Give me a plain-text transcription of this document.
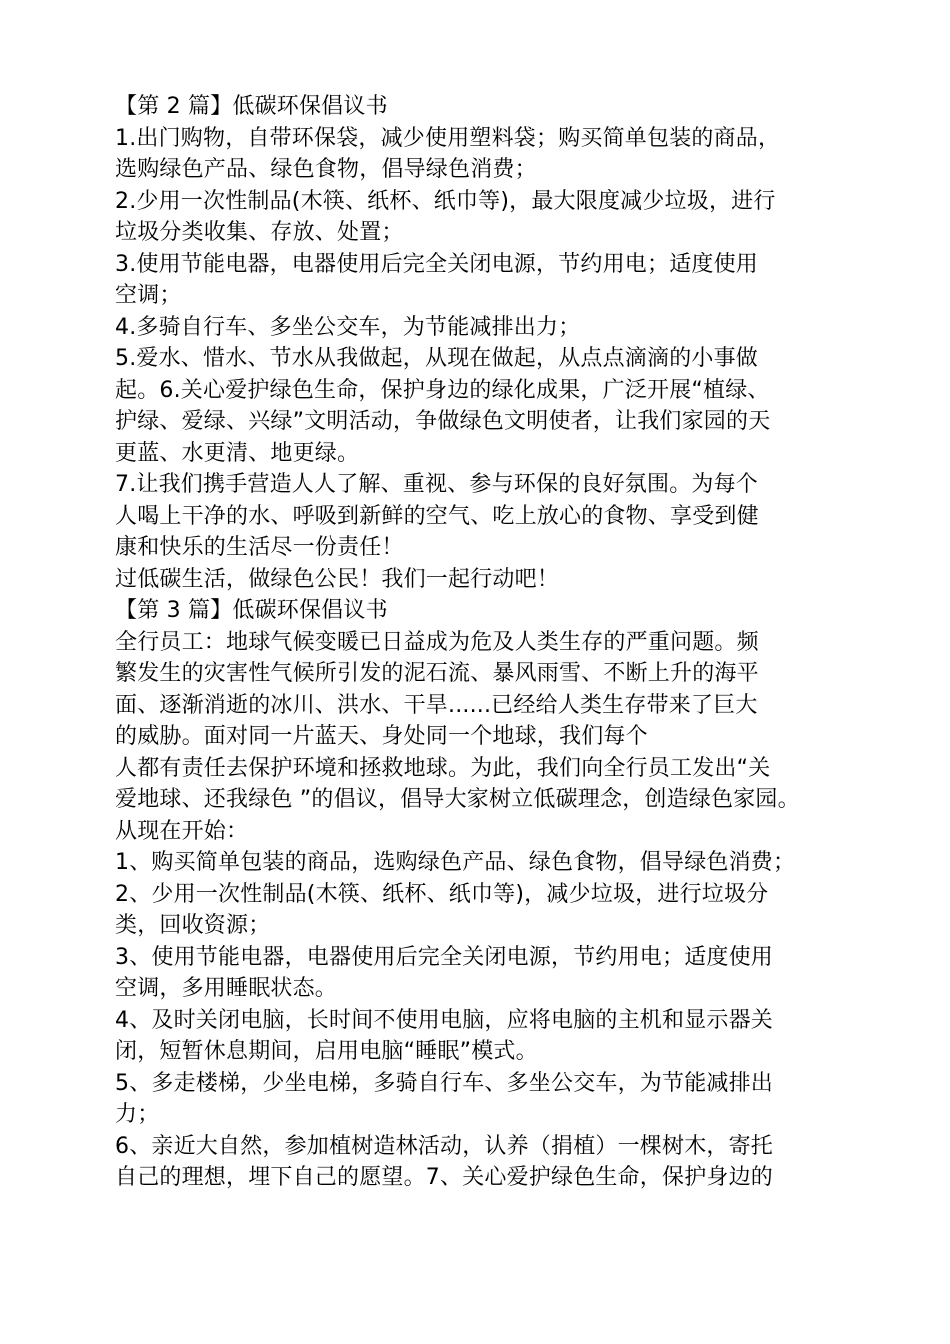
【第 2 篇】低碳环保倡议书
1.出门购物，自带环保袋，减少使用塑料袋；购买简单包装的商品，
选购绿色产品、绿色食物，倡导绿色消费；
2.少用一次性制品(木筷、纸杯、纸巾等)，最大限度减少垃圾，进行
垃圾分类收集、存放、处置；
3.使用节能电器，电器使用后完全关闭电源，节约用电；适度使用
空调；
4.多骑自行车、多坐公交车，为节能减排出力；
5.爱水、惜水、节水从我做起，从现在做起，从点点滴滴的小事做
起。6.关心爱护绿色生命，保护身边的绿化成果，广泛开展“植绿、
护绿、爱绿、兴绿”文明活动，争做绿色文明使者，让我们家园的天
更蓝、水更清、地更绿。
7.让我们携手营造人人了解、重视、参与环保的良好氛围。为每个
人喝上干净的水、呼吸到新鲜的空气、吃上放心的食物、享受到健
康和快乐的生活尽一份责任！
过低碳生活，做绿色公民！我们一起行动吧！
【第 3 篇】低碳环保倡议书
全行员工：地球气候变暖已日益成为危及人类生存的严重问题。频
繁发生的灾害性气候所引发的泥石流、暴风雨雪、不断上升的海平
面、逐渐消逝的冰川、洪水、干旱......已经给人类生存带来了巨大
的威胁。面对同一片蓝天、身处同一个地球，我们每个
人都有责任去保护环境和拯救地球。为此，我们向全行员工发出“关
爱地球、还我绿色 ”的倡议，倡导大家树立低碳理念，创造绿色家园。
从现在开始：
1、购买简单包装的商品，选购绿色产品、绿色食物，倡导绿色消费；
2、少用一次性制品(木筷、纸杯、纸巾等)，减少垃圾，进行垃圾分
类，回收资源；
3、使用节能电器，电器使用后完全关闭电源，节约用电；适度使用
空调，多用睡眠状态。
4、及时关闭电脑，长时间不使用电脑，应将电脑的主机和显示器关
闭，短暂休息期间，启用电脑“睡眠”模式。
5、多走楼梯，少坐电梯，多骑自行车、多坐公交车，为节能减排出
力；
6、亲近大自然，参加植树造林活动，认养（捐植）一棵树木，寄托
自己的理想，埋下自己的愿望。7、关心爱护绿色生命，保护身边的
